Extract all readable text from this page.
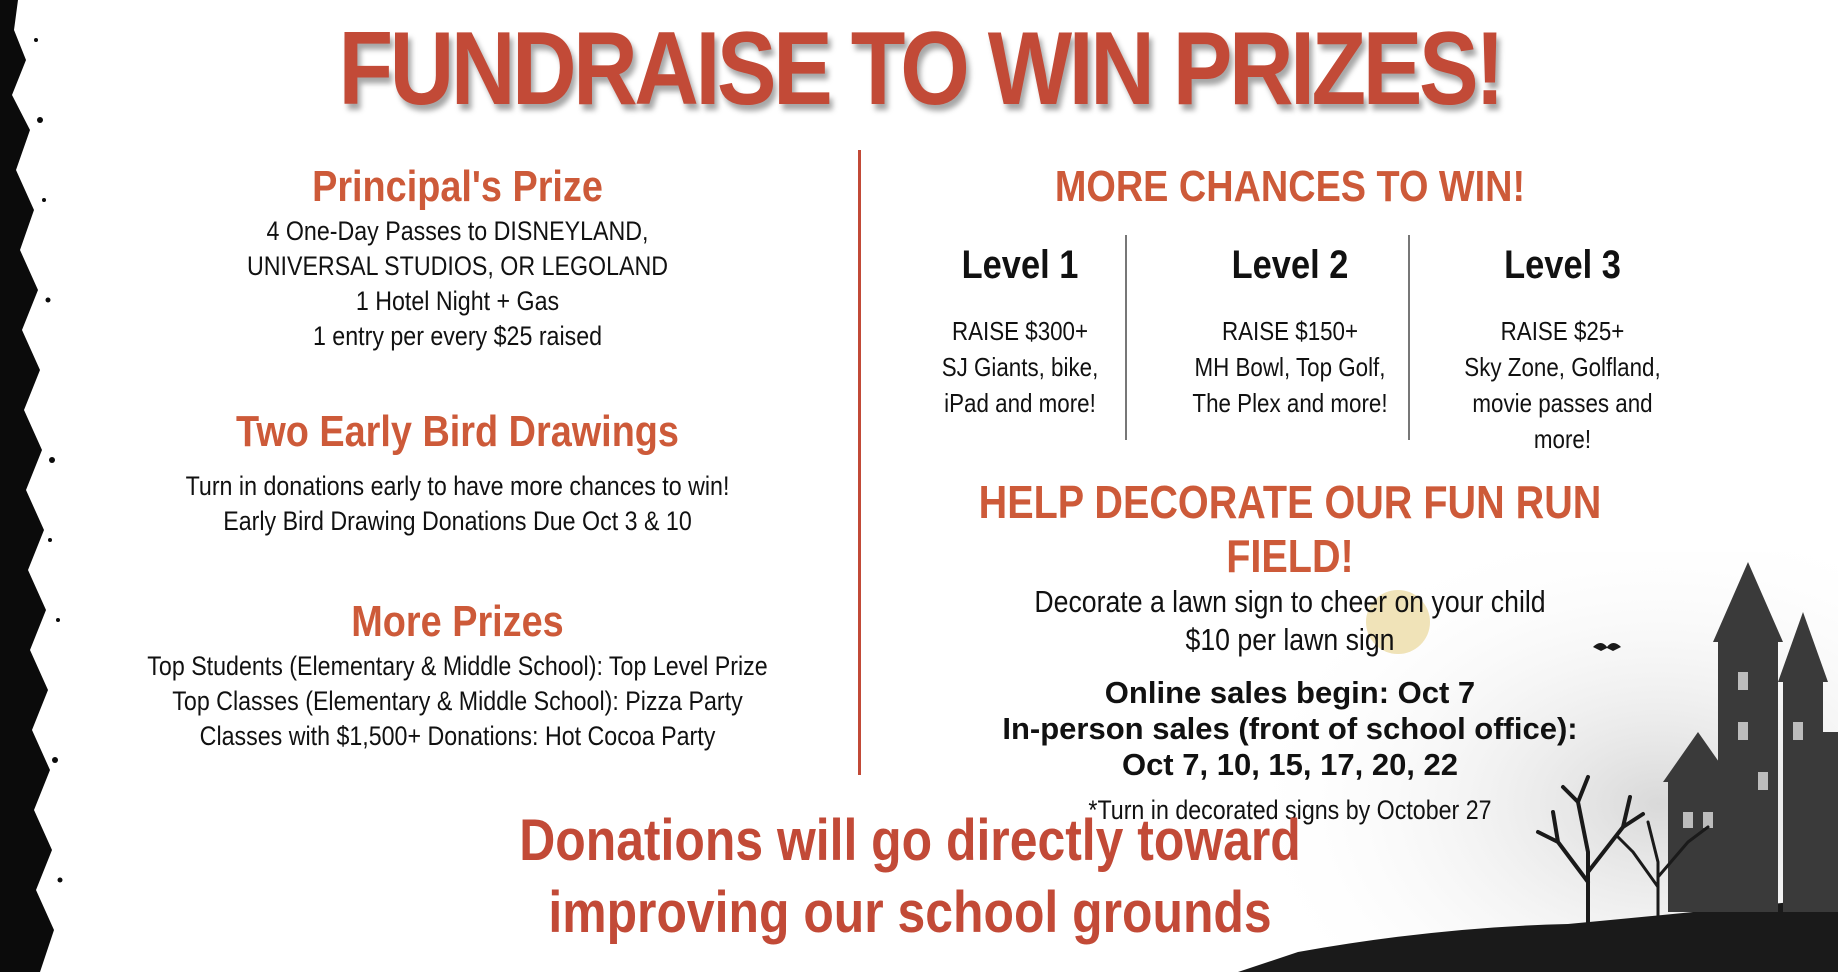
FUNDRAISE TO WIN PRIZES!
Principal's Prize
4 One-Day Passes to DISNEYLAND,
UNIVERSAL STUDIOS, OR LEGOLAND
1 Hotel Night + Gas
1 entry per every $25 raised
Two Early Bird Drawings
Turn in donations early to have more chances to win!
Early Bird Drawing Donations Due Oct 3 & 10
More Prizes
Top Students (Elementary & Middle School): Top Level Prize
Top Classes (Elementary & Middle School): Pizza Party
Classes with $1,500+ Donations: Hot Cocoa Party
MORE CHANCES TO WIN!
Level 1
RAISE $300+
SJ Giants, bike,
iPad and more!
Level 2
RAISE $150+
MH Bowl, Top Golf,
The Plex and more!
Level 3
RAISE $25+
Sky Zone, Golfland,
movie passes and more!
HELP DECORATE OUR FUN RUN FIELD!
Decorate a lawn sign to cheer on your child
$10 per lawn sign
Online sales begin: Oct 7
In-person sales (front of school office):
Oct 7, 10, 15, 17, 20, 22
*Turn in decorated signs by October 27
Donations will go directly toward
improving our school grounds
